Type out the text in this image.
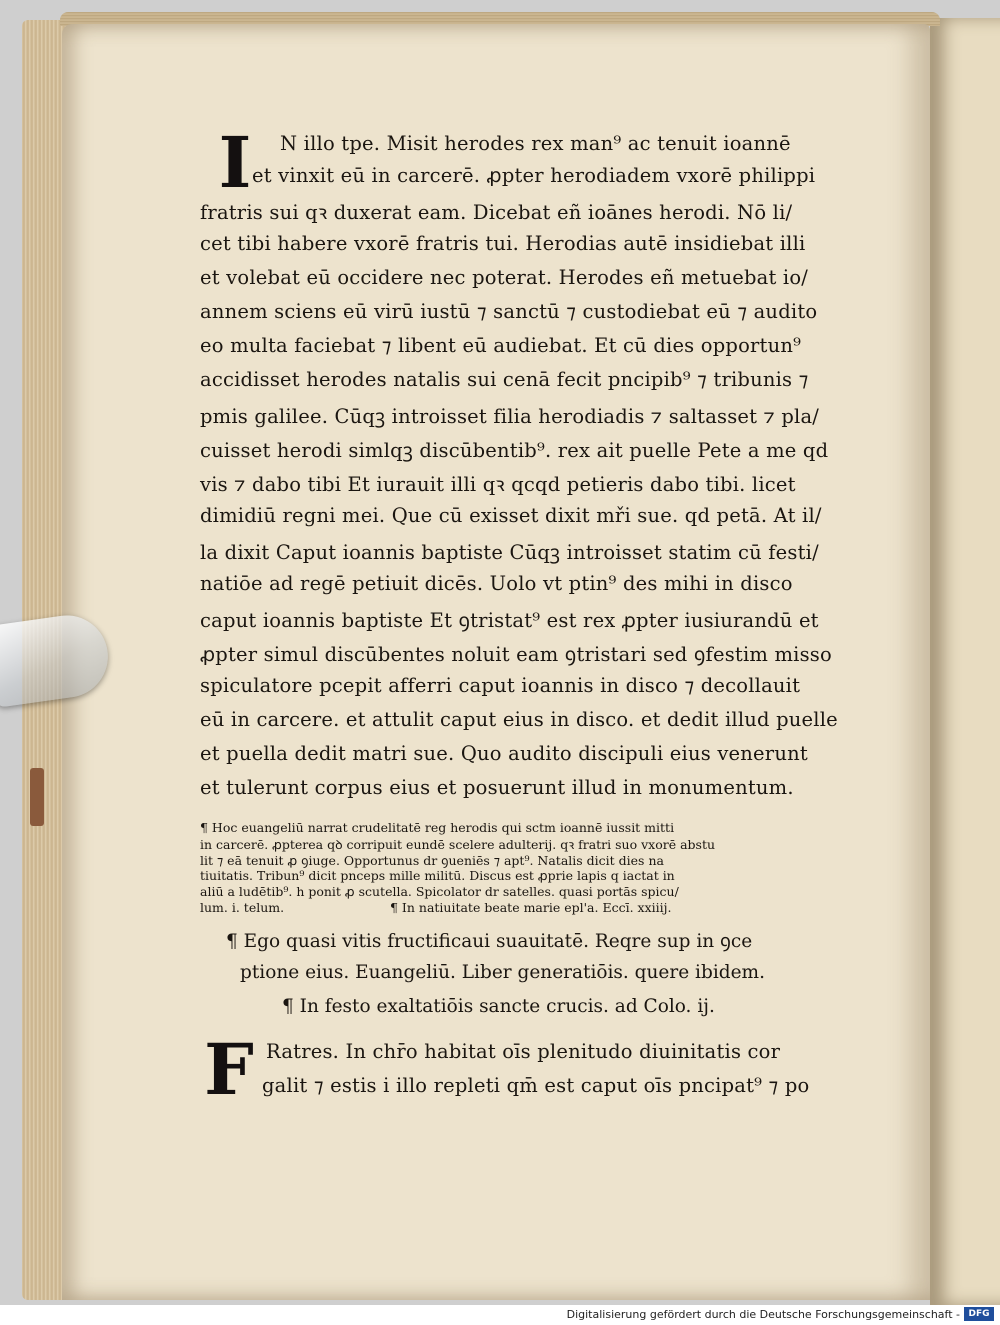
I	N illo tpe. Misit herodes rex man⁹ ac tenuit ioannē
et vinxit eū in carcerē. ꝓpter herodiadem vxorē philippi
fratris sui qꝛ duxerat eam. Dicebat eñ ioānes herodi. Nō li/
cet tibi habere vxorē fratris tui. Herodias autē insidiebat illi
et volebat eū occidere nec poterat. Herodes eñ metuebat io/
annem sciens eū virū iustū ⁊ sanctū ⁊ custodiebat eū ⁊ audito
eo multa faciebat ⁊ libent eū audiebat. Et cū dies opportun⁹
accidisset herodes natalis sui cenā fecit pncipib⁹ ⁊ tribunis ⁊
pmis galilee. Cūqꝫ introisset filia herodiadis ⁊ saltasset ⁊ pla/
cuisset herodi simlqꝫ discūbentib⁹. rex ait puelle Pete a me qd
vis ⁊ dabo tibi Et iurauit illi qꝛ qcqd petieris dabo tibi. licet
dimidiū regni mei. Que cū exisset dixit mři sue. qd petā. At il/
la dixit Caput ioannis baptiste Cūqꝫ introisset statim cū festi/
natiōe ad regē petiuit dicēs. Uolo vt ptin⁹ des mihi in disco
caput ioannis baptiste Et ꝯtristat⁹ est rex ꝓpter iusiurandū et
ꝓpter simul discūbentes noluit eam ꝯtristari sed ꝯfestim misso
spiculatore pcepit afferri caput ioannis in disco ⁊ decollauit
eū in carcere. et attulit caput eius in disco. et dedit illud puelle
et puella dedit matri sue. Quo audito discipuli eius venerunt
et tulerunt corpus eius et posuerunt illud in monumentum.
¶ Hoc euangeliū narrat crudelitatē reg herodis qui sctm ioannē iussit mitti
in carcerē. ꝓpterea qꝺ corripuit eundē scelere adulterij. qꝛ fratri suo vxorē abstu
lit ⁊ eā tenuit ꝓ ꝯiuge. Opportunus dr ꝯueniēs ⁊ apt⁹. Natalis dicit dies na
tiuitatis. Tribun⁹ dicit pnceps mille militū. Discus est ꝓprie lapis q iactat in
aliū a ludētib⁹. h ponit ꝓ scutella. Spicolator dr satelles. quasi portās spicu/
lum. i. telum.	¶ In natiuitate beate marie epl'a. Eccī. xxiiij.
¶ Ego quasi vitis fructificaui suauitatē. Reqre sup in ꝯce
ptione eius. Euangeliū. Liber generatiōis. quere ibidem.
¶ In festo exaltatiōis sancte crucis. ad Colo. ij.
Ratres. In chr̄o habitat oīs plenitudo diuinitatis cor
galit ⁊ estis i illo repleti qm̄ est caput oīs pncipat⁹ ⁊ po
F
Digitalisierung gefördert durch die Deutsche Forschungsgemeinschaft - DFG
